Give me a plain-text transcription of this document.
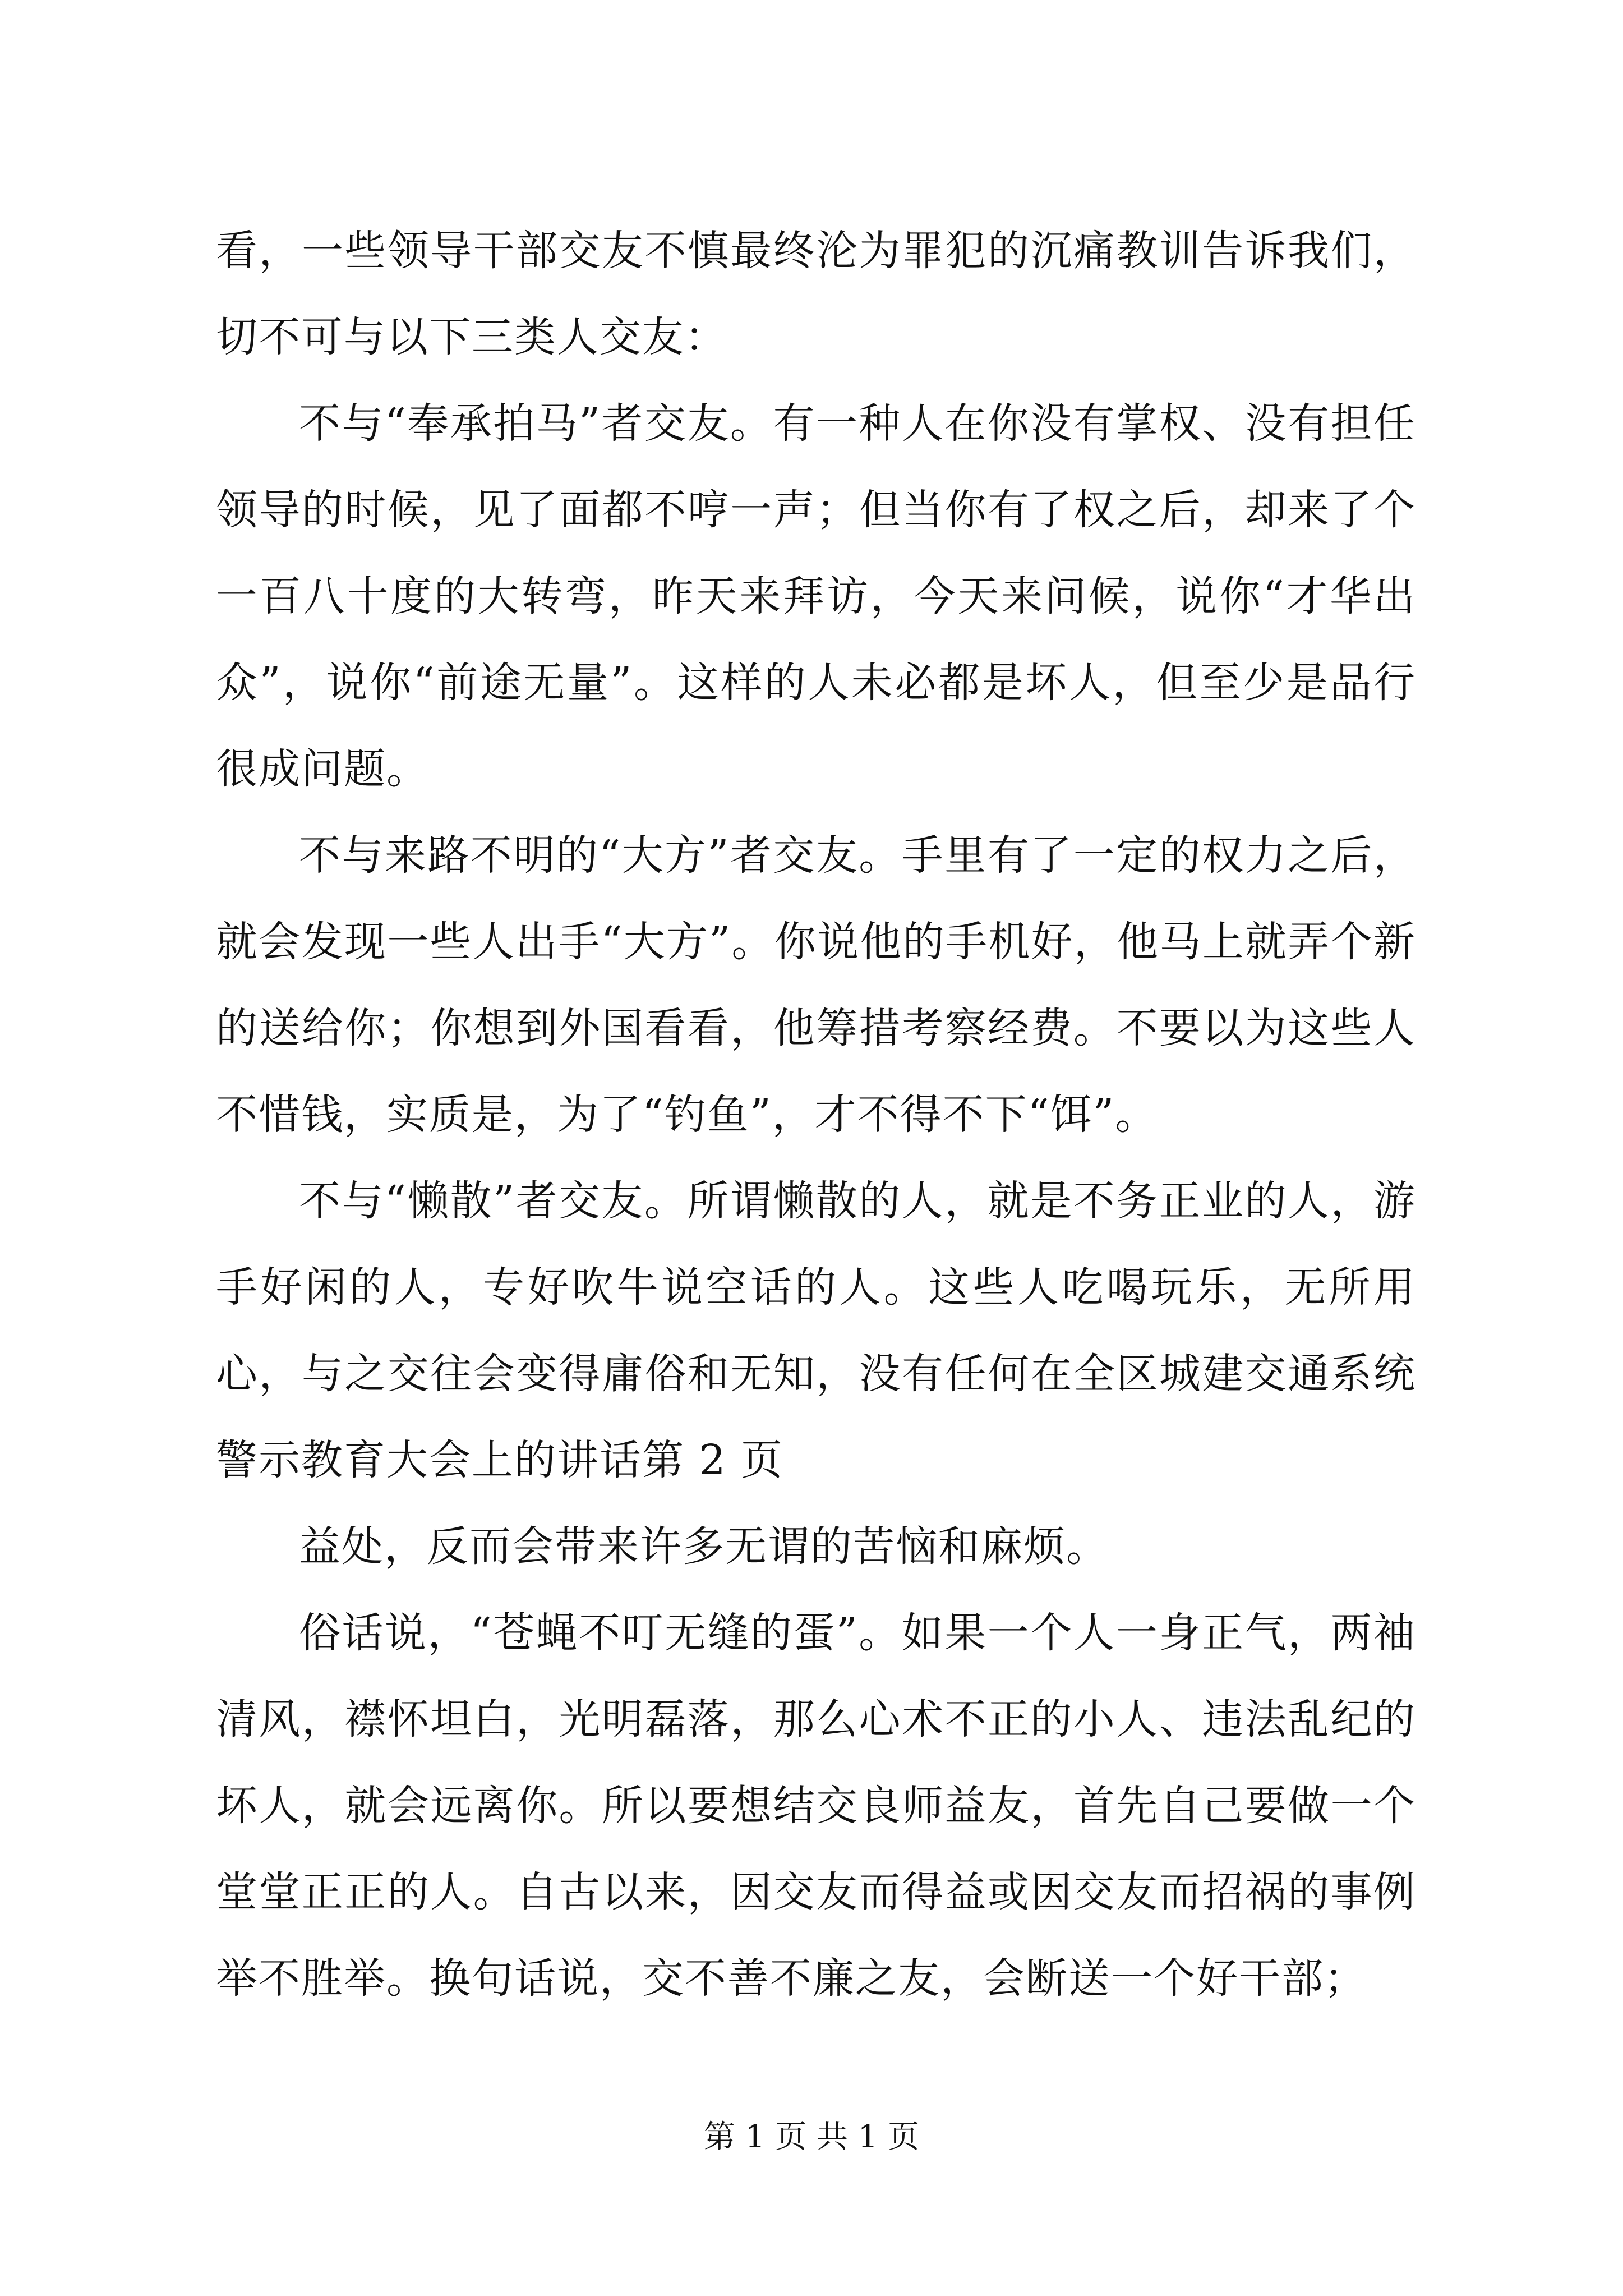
看，一些领导干部交友不慎最终沦为罪犯的沉痛教训告诉我们，切不可与以下三类人交友：

不与“奉承拍马”者交友。有一种人在你没有掌权、没有担任领导的时候，见了面都不哼一声；但当你有了权之后，却来了个一百八十度的大转弯，昨天来拜访，今天来问候，说你“才华出众”，说你“前途无量”。这样的人未必都是坏人，但至少是品行很成问题。

不与来路不明的“大方”者交友。手里有了一定的权力之后，就会发现一些人出手“大方”。你说他的手机好，他马上就弄个新的送给你；你想到外国看看，他筹措考察经费。不要以为这些人不惜钱，实质是，为了“钓鱼”，才不得不下“饵”。

不与“懒散”者交友。所谓懒散的人，就是不务正业的人，游手好闲的人，专好吹牛说空话的人。这些人吃喝玩乐，无所用心，与之交往会变得庸俗和无知，没有任何在全区城建交通系统警示教育大会上的讲话第 2 页

益处，反而会带来许多无谓的苦恼和麻烦。

俗话说，“苍蝇不叮无缝的蛋”。如果一个人一身正气，两袖清风，襟怀坦白，光明磊落，那么心术不正的小人、违法乱纪的坏人，就会远离你。所以要想结交良师益友，首先自己要做一个堂堂正正的人。自古以来，因交友而得益或因交友而招祸的事例举不胜举。换句话说，交不善不廉之友，会断送一个好干部；

第 1 页 共 1 页
